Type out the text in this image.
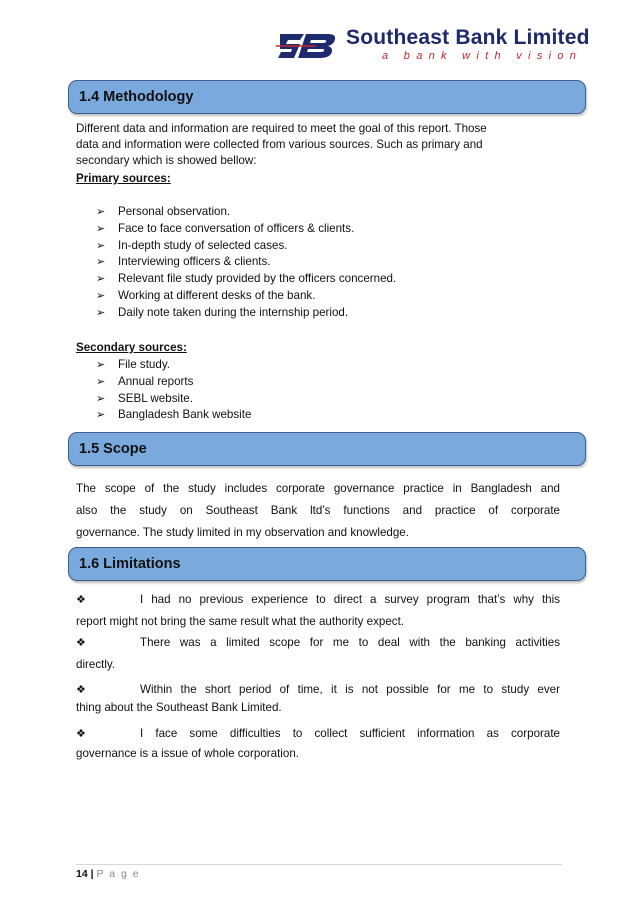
Southeast Bank Limited
a bank with vision
1.4 Methodology
Different data and information are required to meet the goal of this report. Those
data and information were collected from various sources. Such as primary and
secondary which is showed bellow:
Primary sources:
➢ Personal observation.
➢ Face to face conversation of officers & clients.
➢ In-depth study of selected cases.
➢ Interviewing officers & clients.
➢ Relevant file study provided by the officers concerned.
➢ Working at different desks of the bank.
➢ Daily note taken during the internship period.
Secondary sources:
➢ File study.
➢ Annual reports
➢ SEBL website.
➢ Bangladesh Bank website
1.5 Scope
The scope of the study includes corporate governance practice in Bangladesh and
also the study on Southeast Bank ltd’s functions and practice of corporate
governance. The study limited in my observation and knowledge.
1.6 Limitations
❖	I had no previous experience to direct a survey program that’s why this
report might not bring the same result what the authority expect.
❖	There was a limited scope for me to deal with the banking activities
directly.
❖	Within the short period of time, it is not possible for me to study ever
thing about the Southeast Bank Limited.
❖	I face some difficulties to collect sufficient information as corporate
governance is a issue of whole corporation.
14 | P a g e
